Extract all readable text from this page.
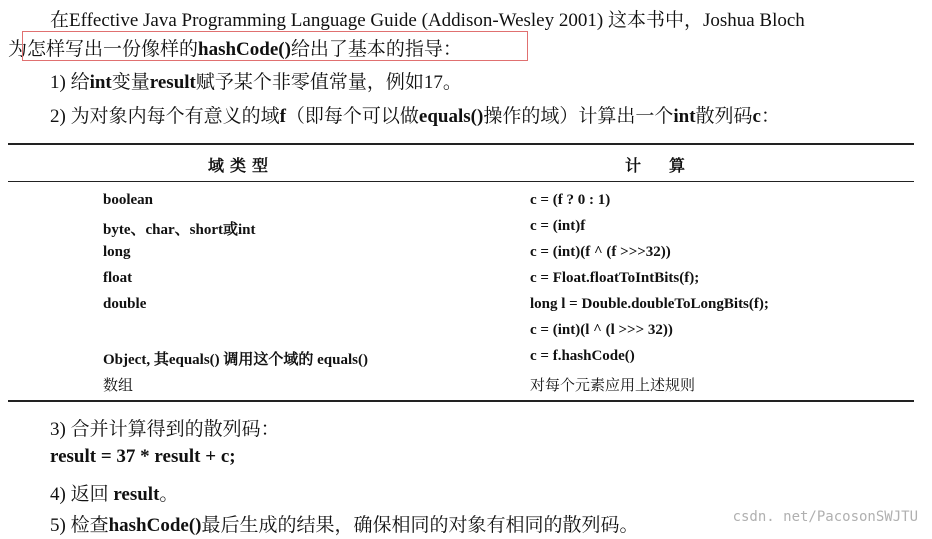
在Effective Java Programming Language Guide (Addison-Wesley 2001) 这本书中，Joshua Bloch
为怎样写出一份像样的hashCode()给出了基本的指导：
1) 给int变量result赋予某个非零值常量，例如17。
2) 为对象内每个有意义的域f（即每个可以做equals()操作的域）计算出一个int散列码c：
域类型	计算
boolean	c = (f ? 0 : 1)
byte、char、short或int	c = (int)f
long	c = (int)(f ^ (f >>>32))
float	c = Float.floatToIntBits(f);
double	long l = Double.doubleToLongBits(f);
c = (int)(l ^ (l >>> 32))
Object, 其equals() 调用这个域的 equals()	c = f.hashCode()
数组	对每个元素应用上述规则
3) 合并计算得到的散列码：
result = 37 * result + c;
4) 返回 result。
5) 检查hashCode()最后生成的结果，确保相同的对象有相同的散列码。	csdn. net/PacosonSWJTU
